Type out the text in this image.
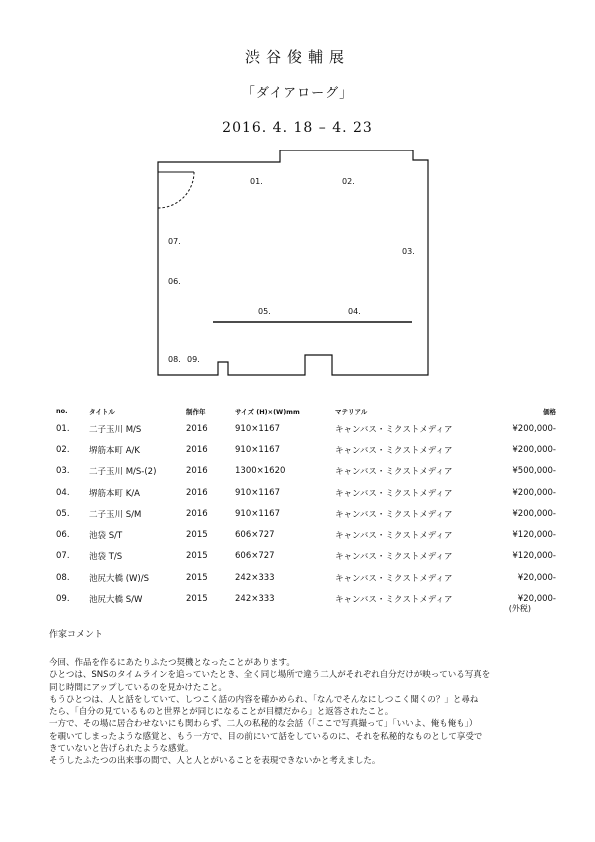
渋谷俊輔展
「ダイアローグ」
2016. 4. 18 – 4. 23
01.	02.
03.
04.
05.
06.
07.
08. 09.
no.	タイトル	制作年	サイズ (H)×(W)mm	マテリアル	価格
01.	二子玉川 M/S	2016	910×1167	キャンバス・ミクストメディア	¥200,000-
02.	堺筋本町 A/K	2016	910×1167	キャンバス・ミクストメディア	¥200,000-
03.	二子玉川 M/S-(2)	2016	1300×1620	キャンバス・ミクストメディア	¥500,000-
04.	堺筋本町 K/A	2016	910×1167	キャンバス・ミクストメディア	¥200,000-
05.	二子玉川 S/M	2016	910×1167	キャンバス・ミクストメディア	¥200,000-
06.	池袋 S/T	2015	606×727	キャンバス・ミクストメディア	¥120,000-
07.	池袋 T/S	2015	606×727	キャンバス・ミクストメディア	¥120,000-
08.	池尻大橋 (W)/S	2015	242×333	キャンバス・ミクストメディア	¥20,000-
09.	池尻大橋 S/W	2015	242×333	キャンバス・ミクストメディア	¥20,000-
(外税)
作家コメント
今回、作品を作るにあたりふたつ契機となったことがあります。
ひとつは、SNSのタイムラインを追っていたとき、全く同じ場所で違う二人がそれぞれ自分だけが映っている写真を
同じ時間にアップしているのを見かけたこと。
もうひとつは、人と話をしていて、しつこく話の内容を確かめられ、「なんでそんなにしつこく聞くの？」と尋ね
たら、「自分の見ているものと世界とが同じになることが目標だから」と返答されたこと。
一方で、その場に居合わせないにも関わらず、二人の私秘的な会話（「ここで写真撮って」「いいよ、俺も俺も」）
を覗いてしまったような感覚と、もう一方で、目の前にいて話をしているのに、それを私秘的なものとして享受で
きていないと告げられたような感覚。
そうしたふたつの出来事の間で、人と人とがいることを表現できないかと考えました。
